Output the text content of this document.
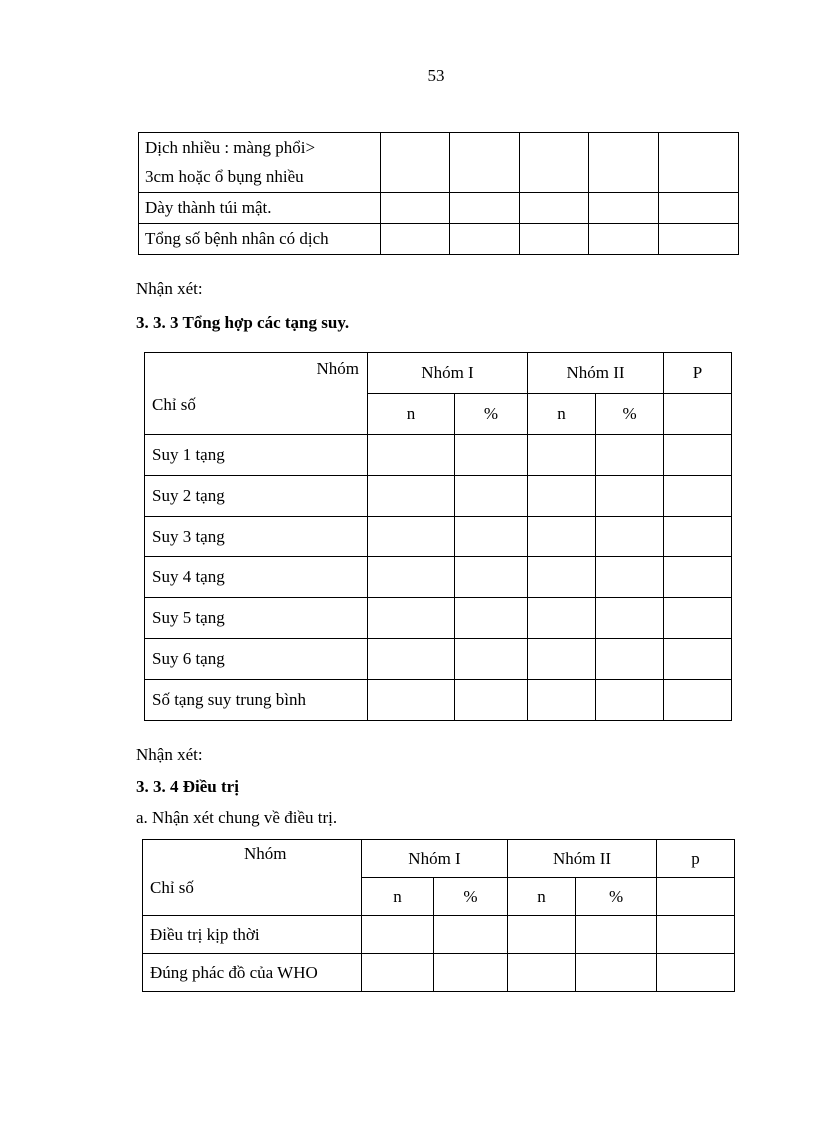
53
Dịch nhiều : màng phổi>
3cm hoặc ổ bụng nhiều					

Dày thành túi mật.					
Tổng số bệnh nhân có dịch					
Nhận xét:
3. 3. 3 Tổng hợp các tạng suy.
Nhóm
Chỉ số	Nhóm I		Nhóm II		P
	n	%	n	%	
Suy 1 tạng					
Suy 2 tạng					
Suy 3 tạng					
Suy 4 tạng					
Suy 5 tạng					
Suy 6 tạng					
Số tạng suy trung bình					
Nhận xét:
3. 3. 4 Điều trị
a. Nhận xét chung về điều trị.
Nhóm
Chỉ số	Nhóm I		Nhóm II		p
	n	%	n	%	
Điều trị kịp thời					
Đúng phác đồ của WHO					
